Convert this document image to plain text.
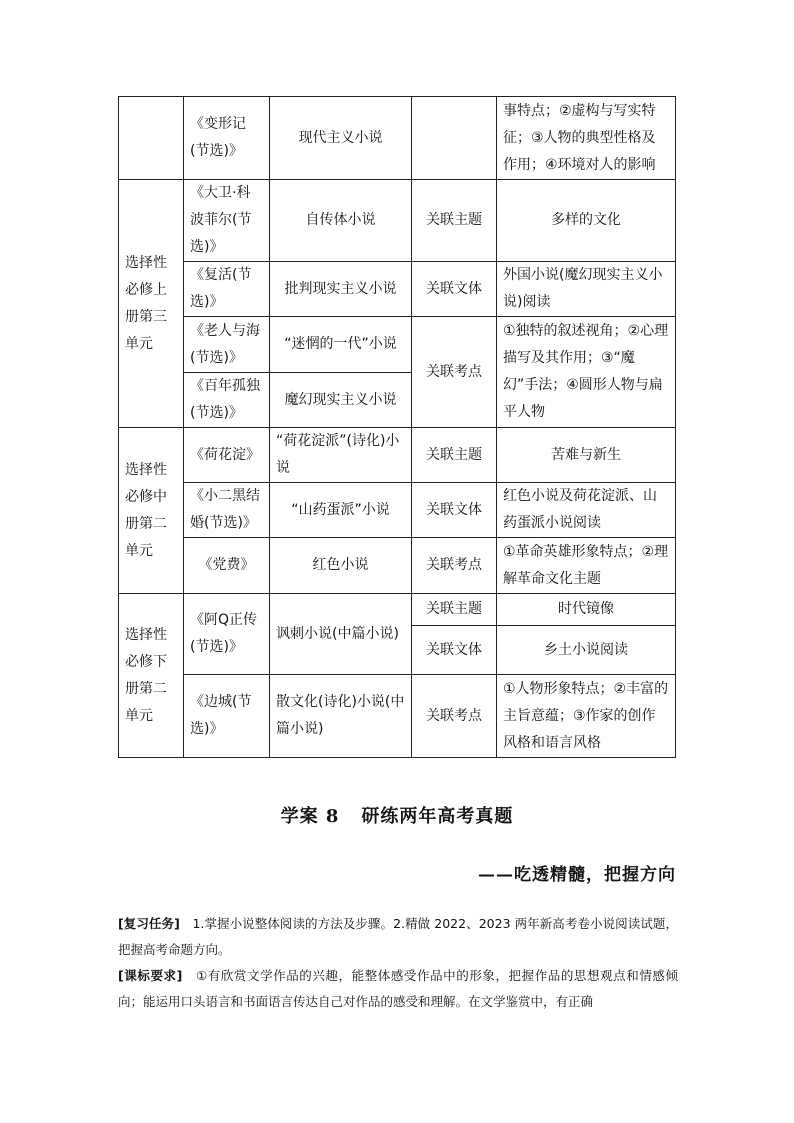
	《变形记(节选)》	现代主义小说		事特点；②虚构与写实特征；③人物的典型性格及作用；④环境对人的影响
选择性必修上册第三单元	《大卫·科波菲尔(节选)》	自传体小说	关联主题	多样的文化
	《复活(节选)》	批判现实主义小说	关联文体	外国小说(魔幻现实主义小说)阅读
	《老人与海(节选)》	“迷惘的一代”小说	关联考点	①独特的叙述视角；②心理描写及其作用；③“魔幻”手法；④圆形人物与扁平人物
	《百年孤独(节选)》	魔幻现实主义小说		
选择性必修中册第二单元	《荷花淀》	“荷花淀派”(诗化)小说	关联主题	苦难与新生
	《小二黑结婚(节选)》	“山药蛋派”小说	关联文体	红色小说及荷花淀派、山药蛋派小说阅读
	《党费》	红色小说	关联考点	①革命英雄形象特点；②理解革命文化主题
选择性必修下册第二单元	《阿Q正传(节选)》	讽刺小说(中篇小说)	关联主题	时代镜像
			关联文体	乡土小说阅读
	《边城(节选)》	散文化(诗化)小说(中篇小说)	关联考点	①人物形象特点；②丰富的主旨意蕴；③作家的创作风格和语言风格
学案 8 研练两年高考真题
——吃透精髓，把握方向
[复习任务]　 1.掌握小说整体阅读的方法及步骤。2.精做 2022、2023 两年新高考卷小说阅读试题，把握高考命题方向。
[课标要求]　 ①有欣赏文学作品的兴趣，能整体感受作品中的形象，把握作品的思想观点和情感倾向；能运用口头语言和书面语言传达自己对作品的感受和理解。在文学鉴赏中，有正确
